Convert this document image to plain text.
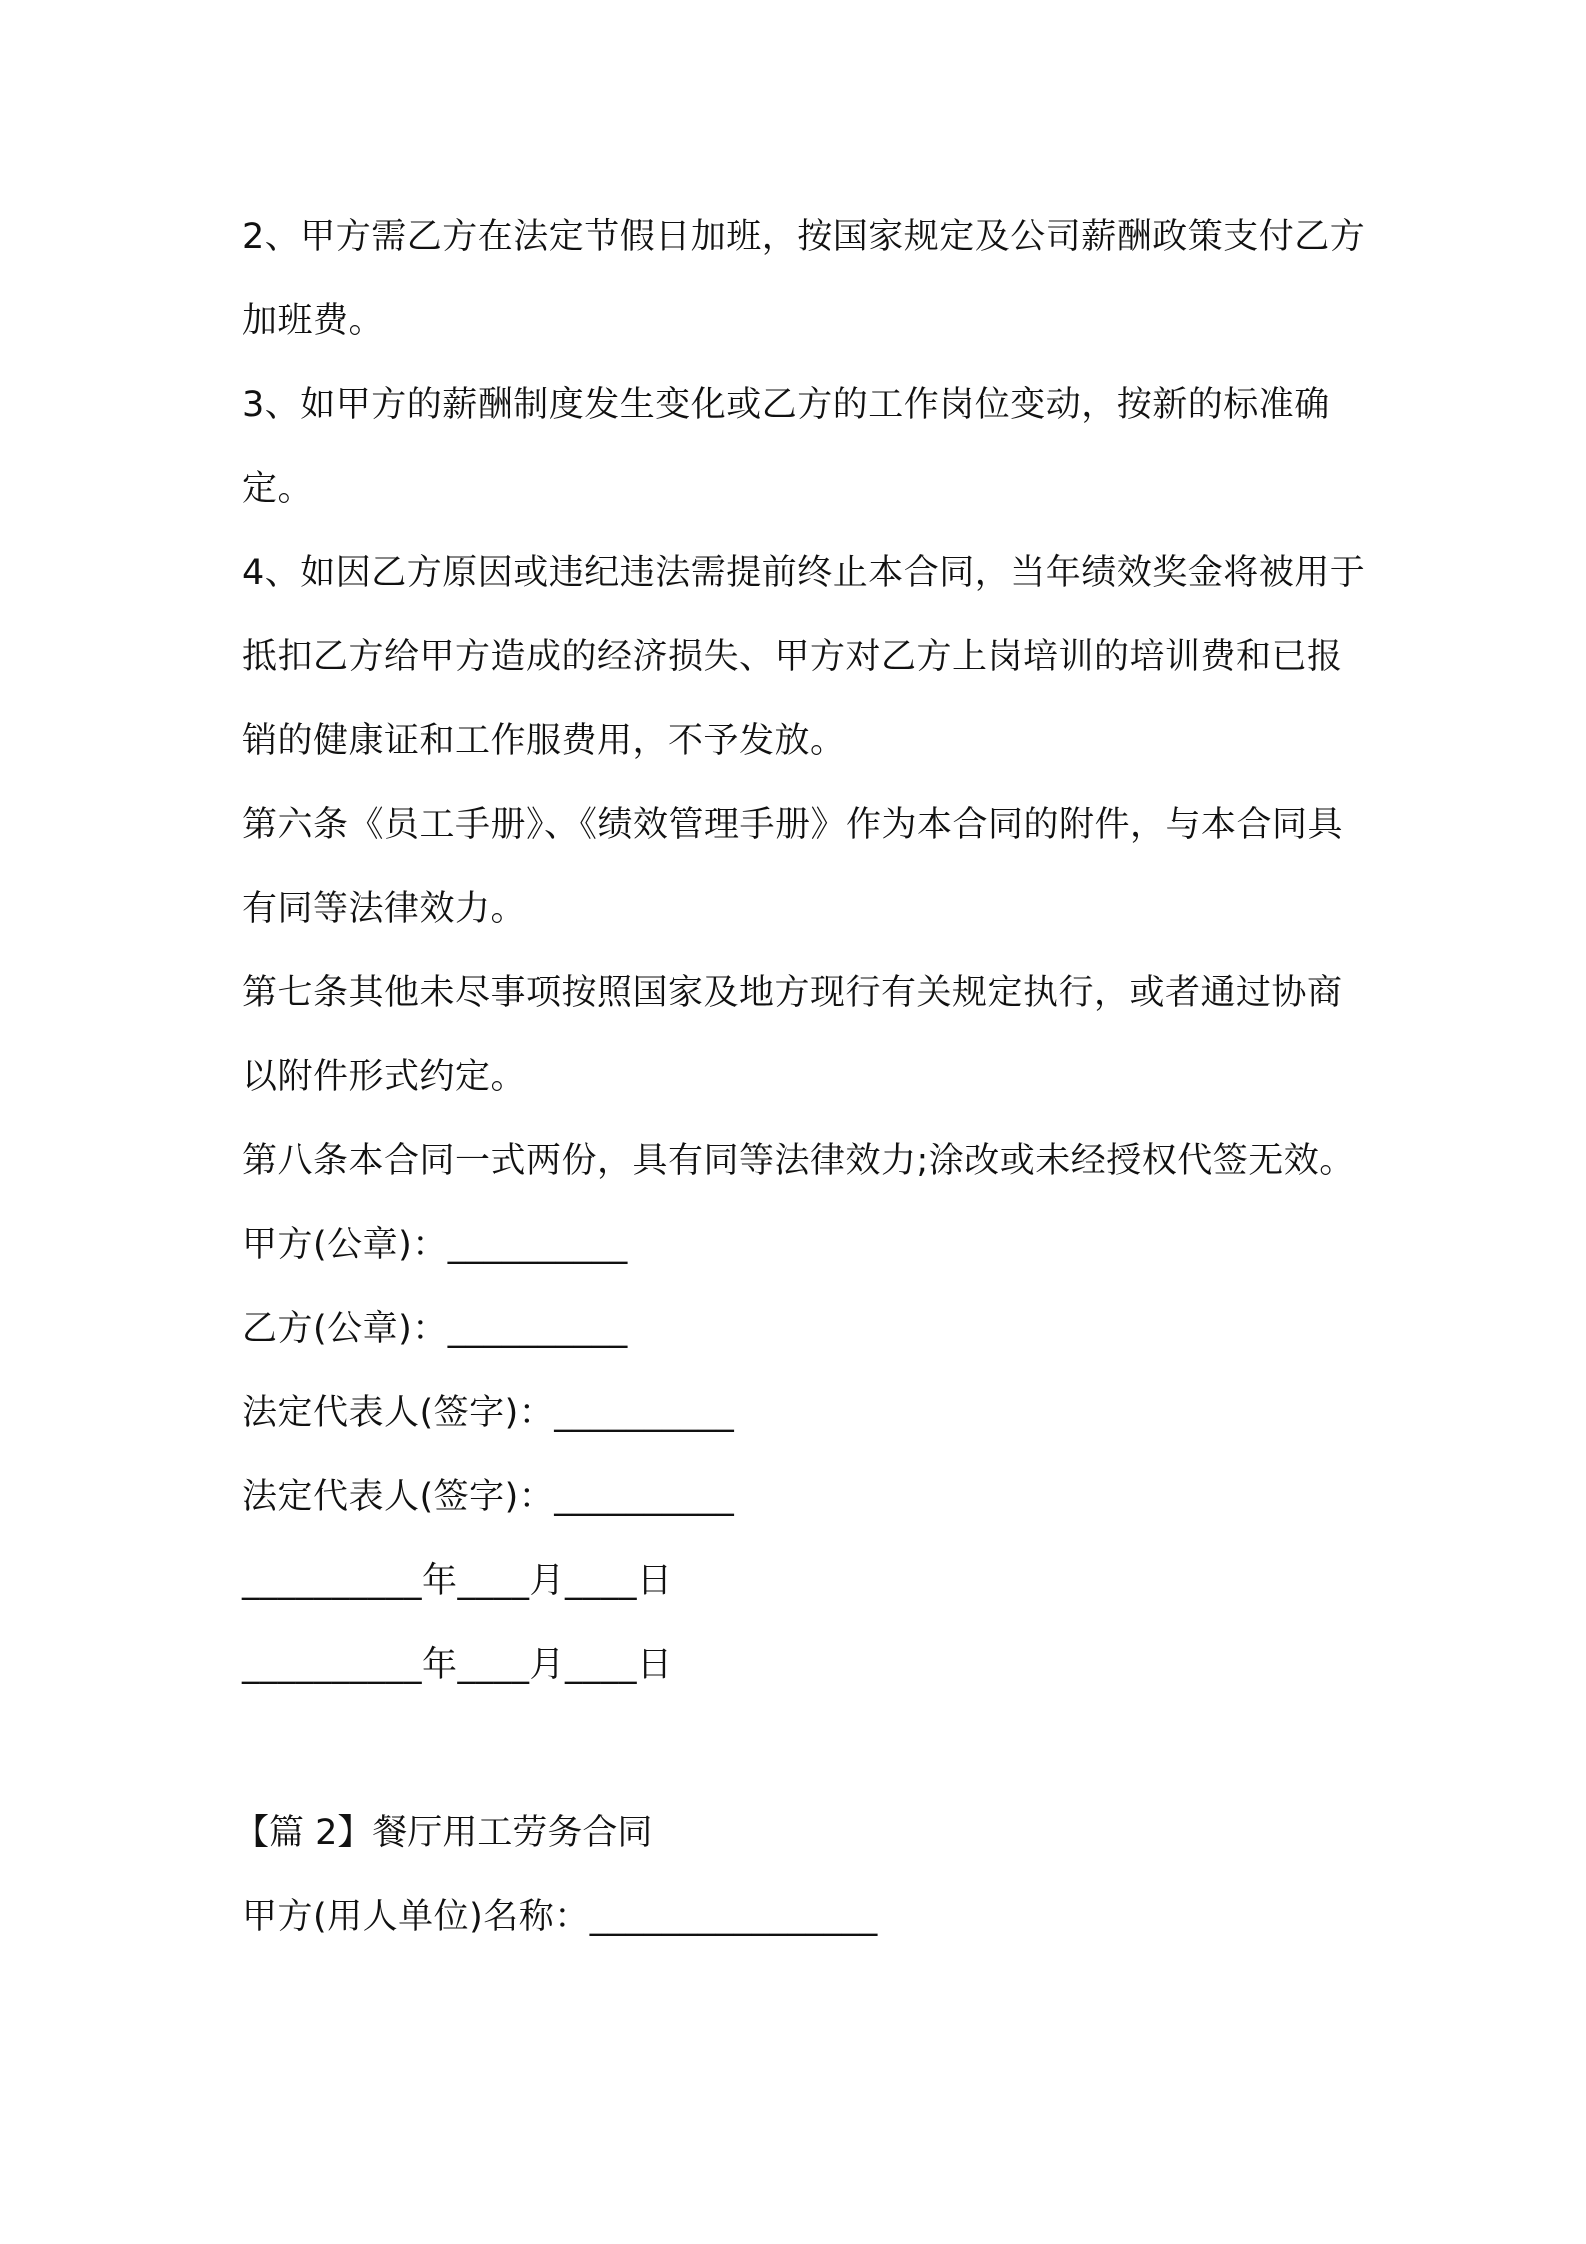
2、甲方需乙方在法定节假日加班，按国家规定及公司薪酬政策支付乙方加班费。

3、如甲方的薪酬制度发生变化或乙方的工作岗位变动，按新的标准确定。

4、如因乙方原因或违纪违法需提前终止本合同，当年绩效奖金将被用于抵扣乙方给甲方造成的经济损失、甲方对乙方上岗培训的培训费和已报销的健康证和工作服费用，不予发放。

第六条《员工手册》、《绩效管理手册》作为本合同的附件，与本合同具有同等法律效力。

第七条其他未尽事项按照国家及地方现行有关规定执行，或者通过协商以附件形式约定。

第八条本合同一式两份，具有同等法律效力;涂改或未经授权代签无效。

甲方(公章)：__________

乙方(公章)：__________

法定代表人(签字)：__________

法定代表人(签字)：__________

__________年____月____日

__________年____月____日

【篇 2】餐厅用工劳务合同

甲方(用人单位)名称：________________
